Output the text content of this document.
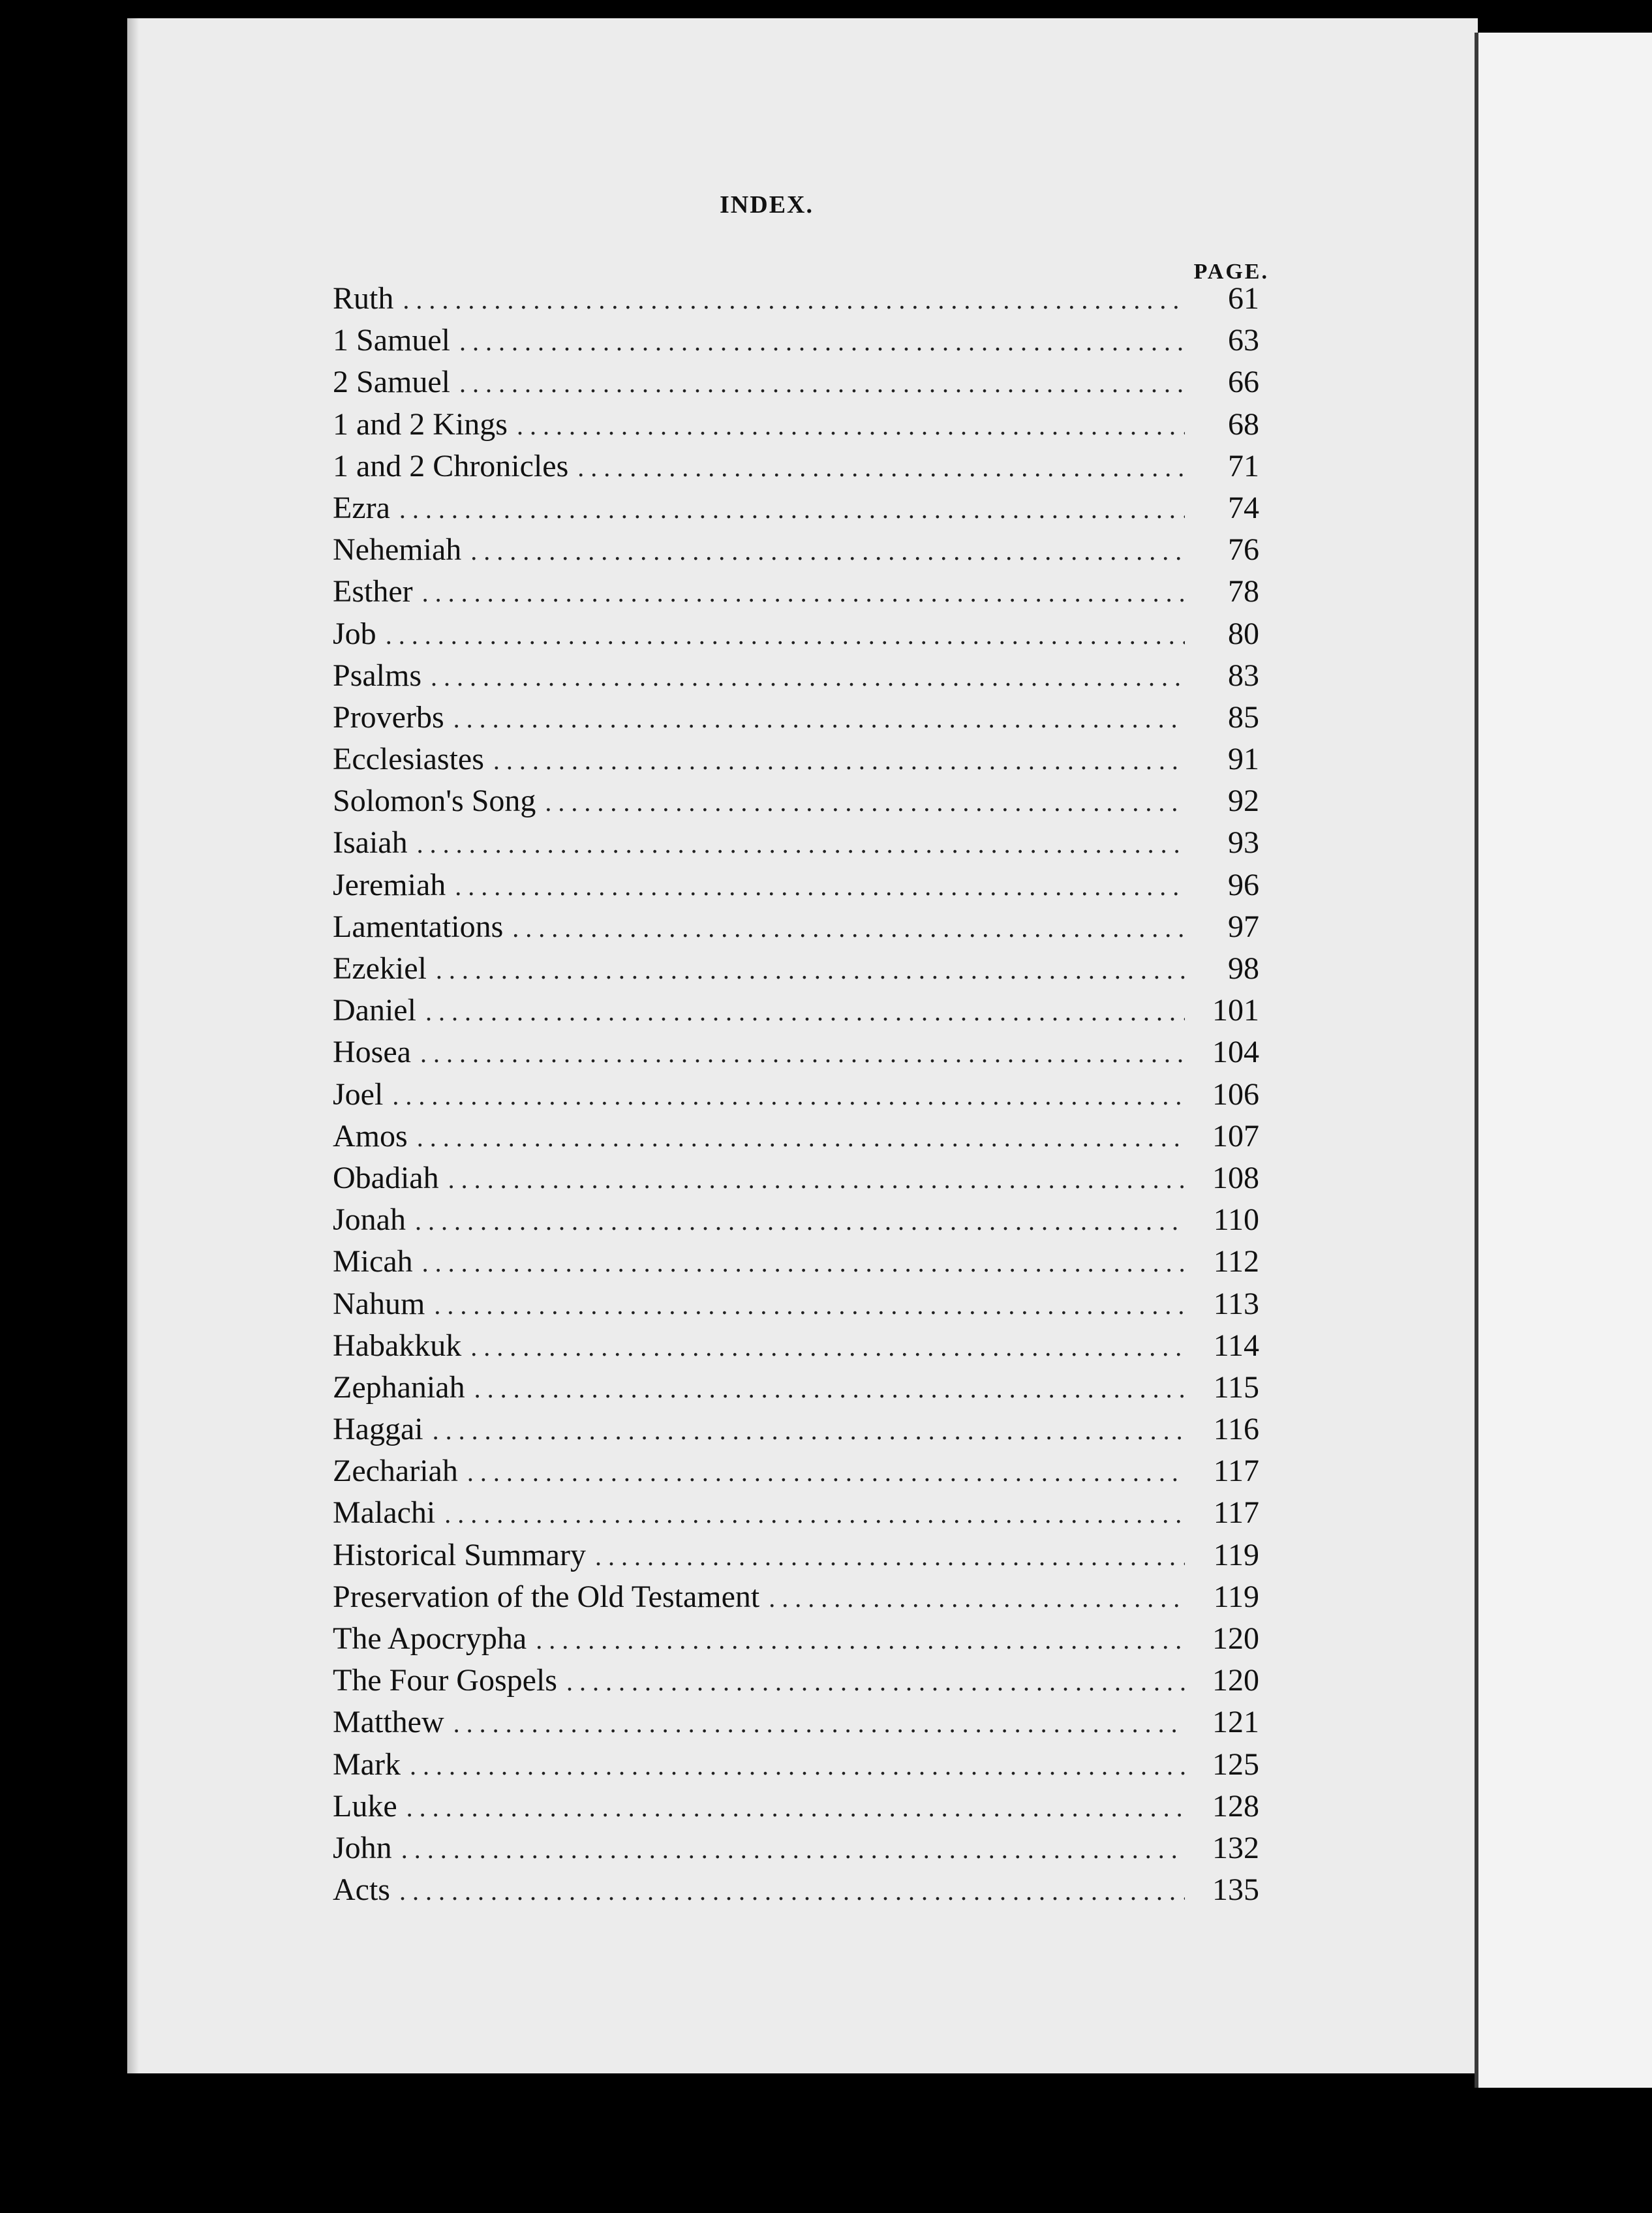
INDEX.
PAGE.
Ruth .....	61
1 Samuel .....	63
2 Samuel .....	66
1 and 2 Kings .....	68
1 and 2 Chronicles .....	71
Ezra .....	74
Nehemiah .....	76
Esther .....	78
Job .....	80
Psalms .....	83
Proverbs .....	85
Ecclesiastes .....	91
Solomon's Song .....	92
Isaiah .....	93
Jeremiah .....	96
Lamentations .....	97
Ezekiel .....	98
Daniel .....	101
Hosea .....	104
Joel .....	106
Amos .....	107
Obadiah .....	108
Jonah .....	110
Micah .....	112
Nahum .....	113
Habakkuk .....	114
Zephaniah .....	115
Haggai .....	116
Zechariah .....	117
Malachi .....	117
Historical Summary .....	119
Preservation of the Old Testament .....	119
The Apocrypha .....	120
The Four Gospels .....	120
Matthew .....	121
Mark .....	125
Luke .....	128
John .....	132
Acts .....	135
